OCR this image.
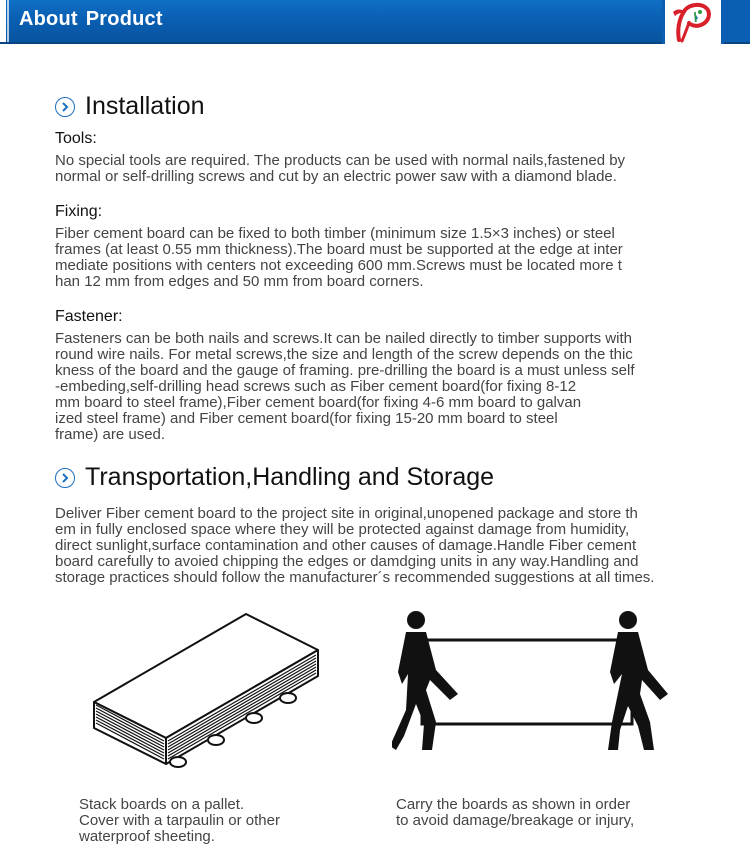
About Product
Installation
Tools:

No special tools are required. The products can be used with normal nails,fastened by
normal or self-drilling screws and cut by an electric power saw with a diamond blade.

Fixing:

Fiber cement board can be fixed to both timber (minimum size 1.5×3 inches) or steel
frames (at least 0.55 mm thickness).The board must be supported at the edge at inter
mediate positions with centers not exceeding 600 mm.Screws must be located more t
han 12 mm from edges and 50 mm from board corners.

Fastener:

Fasteners can be both nails and screws.It can be nailed directly to timber supports with
round wire nails. For metal screws,the size and length of the screw depends on the thic
kness of the board and the gauge of framing. pre-drilling the board is a must unless self
-embeding,self-drilling head screws such as Fiber cement board(for fixing 8-12
mm board to steel frame),Fiber cement board(for fixing 4-6 mm board to galvan
ized steel frame) and Fiber cement board(for fixing 15-20 mm board to steel
frame) are used.

Transportation,Handling and Storage

Deliver Fiber cement board to the project site in original,unopened package and store th
em in fully enclosed space where they will be protected against damage from humidity,
direct sunlight,surface contamination and other causes of damage.Handle Fiber cement
board carefully to avoied chipping the edges or damdging units in any way.Handling and
storage practices should follow the manufacturer´s recommended suggestions at all times.

Stack boards on a pallet.
Cover with a tarpaulin or other
waterproof sheeting.
Carry the boards as shown in order
to avoid damage/breakage or injury,
